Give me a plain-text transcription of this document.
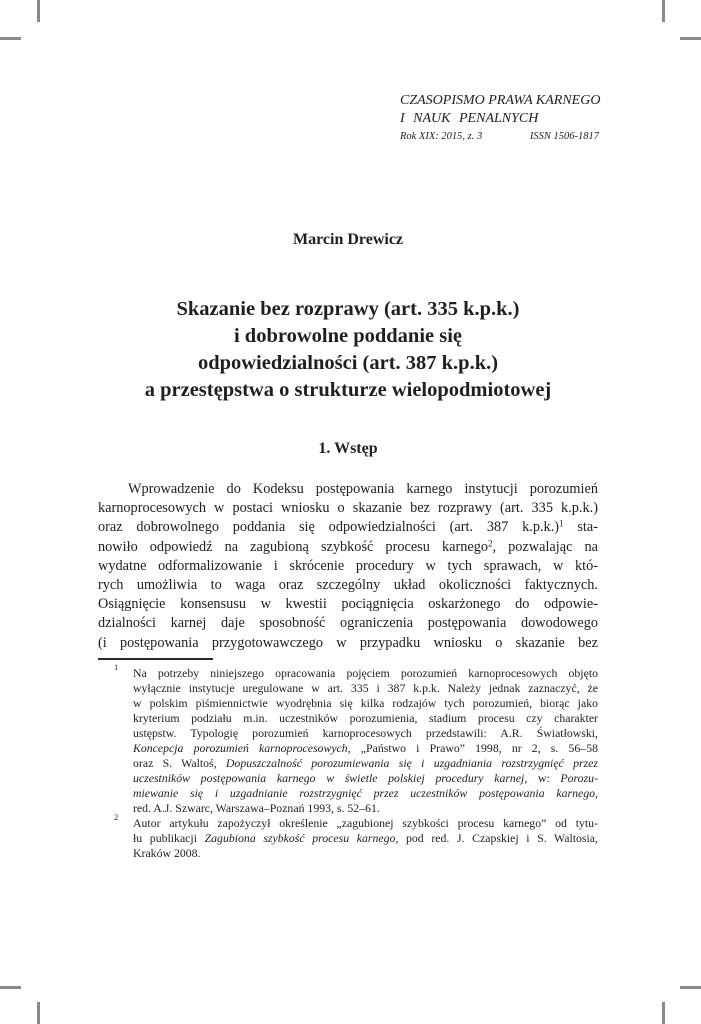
CZASOPISMO PRAWA KARNEGO
I NAUK PENALNYCH
Rok XIX: 2015, z. 3	ISSN 1506-1817
Marcin Drewicz
Skazanie bez rozprawy (art. 335 k.p.k.)
i dobrowolne poddanie się
odpowiedzialności (art. 387 k.p.k.)
a przestępstwa o strukturze wielopodmiotowej
1. Wstęp
Wprowadzenie do Kodeksu postępowania karnego instytucji porozumień
karnoprocesowych w postaci wniosku o skazanie bez rozprawy (art. 335 k.p.k.)
oraz dobrowolnego poddania się odpowiedzialności (art. 387 k.p.k.)$^1$ sta-
nowiło odpowiedź na zagubioną szybkość procesu karnego$^2$, pozwalając na
wydatne odformalizowanie i skrócenie procedury w tych sprawach, w któ-
rych umożliwia to waga oraz szczególny układ okoliczności faktycznych.
Osiągnięcie konsensusu w kwestii pociągnięcia oskarżonego do odpowie-
dzialności karnej daje sposobność ograniczenia postępowania dowodowego
(i postępowania przygotowawczego w przypadku wniosku o skazanie bez
1 Na potrzeby niniejszego opracowania pojęciem porozumień karnoprocesowych objęto
wyłącznie instytucje uregulowane w art. 335 i 387 k.p.k. Należy jednak zaznaczyć, że
w polskim piśmiennictwie wyodrębnia się kilka rodzajów tych porozumień, biorąc jako
kryterium podziału m.in. uczestników porozumienia, stadium procesu czy charakter
ustępstw. Typologię porozumień karnoprocesowych przedstawili: A.R. Światłowski,
Koncepcja porozumień karnoprocesowych, „Państwo i Prawo” 1998, nr 2, s. 56–58
oraz S. Waltoś, Dopuszczalność porozumiewania się i uzgadniania rozstrzygnięć przez
uczestników postępowania karnego w świetle polskiej procedury karnej, w: Porozu-
miewanie się i uzgadnianie rozstrzygnięć przez uczestników postępowania karnego,
red. A.J. Szwarc, Warszawa–Poznań 1993, s. 52–61.
2 Autor artykułu zapożyczył określenie „zagubionej szybkości procesu karnego” od tytu-
łu publikacji Zagubiona szybkość procesu karnego, pod red. J. Czapskiej i S. Waltosia,
Kraków 2008.
